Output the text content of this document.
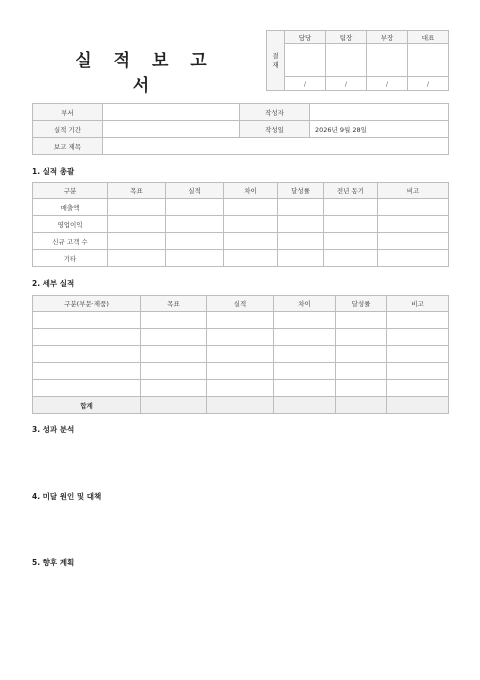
실 적 보 고 서
결
재	담당	팀장	부장	대표

	/	/	/	/
부서		작성자	
실적 기간		작성일	2026년 9월 28일
보고 제목			
1. 실적 총괄
구분	목표	실적	차이	달성률	전년 동기	비고
매출액						
영업이익						
신규 고객 수						
기타						
2. 세부 실적
구분(부문·제품)	목표	실적	차이	달성률	비고

합계					
3. 성과 분석
4. 미달 원인 및 대책
5. 향후 계획
